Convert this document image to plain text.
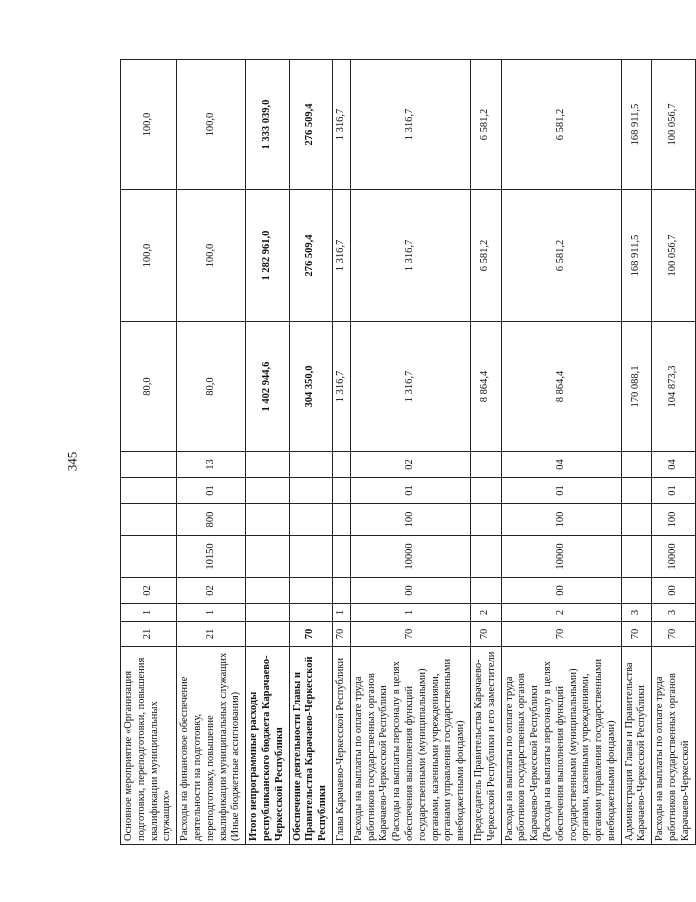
345
Основное мероприятие «Организация подготовки, переподготовки, повышения квалификации муниципальных служащих»	21	1	02					80,0	100,0	100,0
Расходы на финансовое обеспечение деятельности на подготовку, переподготовку, повышение квалификации муниципальных служащих (Иные бюджетные ассигнования)	21	1	02	10150	800	01	13	80,0	100,0	100,0
Итого непрограммные расходы республиканского бюджета Карачаево-Черкесской Республики								1 402 944,6	1 282 961,0	1 333 039,0
Обеспечение деятельности Главы и Правительства Карачаево-Черкесской Республики	70							304 350,0	276 509,4	276 509,4
Глава Карачаево-Черкесской Республики	70	1						1 316,7	1 316,7	1 316,7
Расходы на выплаты по оплате труда работников государственных органов Карачаево-Черкесской Республики (Расходы на выплаты персоналу в целях обеспечения выполнения функций государственными (муниципальными) органами, казенными учреждениями, органами управления государственными внебюджетными фондами)	70	1	00	10000	100	01	02	1 316,7	1 316,7	1 316,7
Председатель Правительства Карачаево-Черкесской Республики и его заместители	70	2						8 864,4	6 581,2	6 581,2
Расходы на выплаты по оплате труда работников государственных органов Карачаево-Черкесской Республики (Расходы на выплаты персоналу в целях обеспечения выполнения функций государственными (муниципальными) органами, казенными учреждениями, органами управления государственными внебюджетными фондами)	70	2	00	10000	100	01	04	8 864,4	6 581,2	6 581,2
Администрация Главы и Правительства Карачаево-Черкесской Республики	70	3						170 088,1	168 911,5	168 911,5
Расходы на выплаты по оплате труда работников государственных органов Карачаево-Черкесской	70	3	00	10000	100	01	04	104 873,3	100 056,7	100 056,7
